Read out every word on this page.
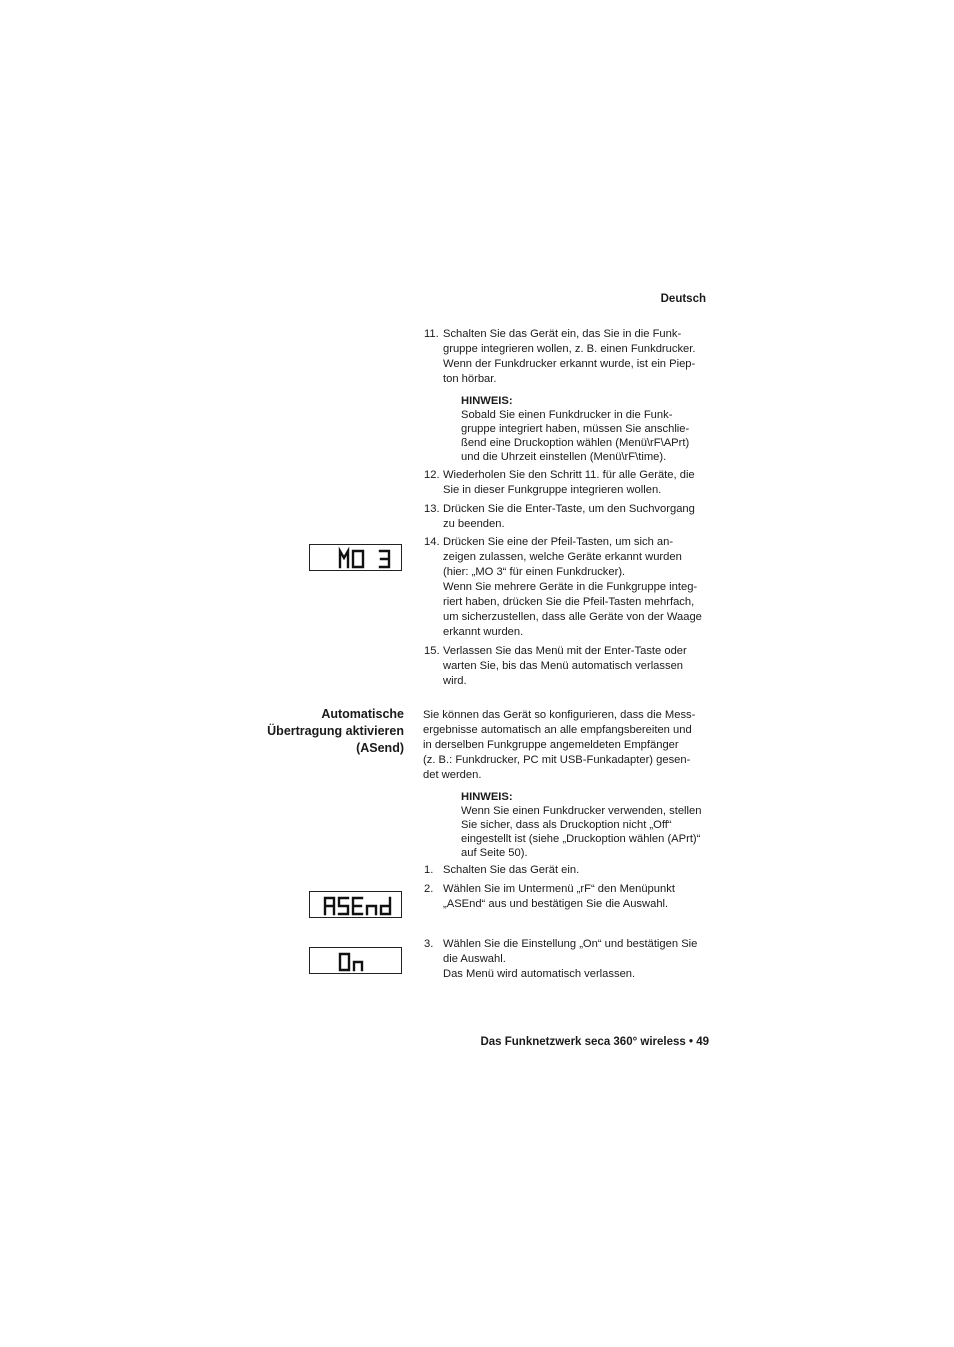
Deutsch

11. Schalten Sie das Gerät ein, das Sie in die Funk-

gruppe integrieren wollen, z. B. einen Funkdrucker.

Wenn der Funkdrucker erkannt wurde, ist ein Piep-

ton hörbar.

HINWEIS:
Sobald Sie einen Funkdrucker in die Funk-
gruppe integriert haben, müssen Sie anschlie-
ßend eine Druckoption wählen (Menü\rF\APrt)
und die Uhrzeit einstellen (Menü\rF\time).

12. Wiederholen Sie den Schritt 11. für alle Geräte, die

Sie in dieser Funkgruppe integrieren wollen.

13. Drücken Sie die Enter-Taste, um den Suchvorgang

zu beenden.

14. Drücken Sie eine der Pfeil-Tasten, um sich an-

zeigen zulassen, welche Geräte erkannt wurden

(hier: „MO 3“ für einen Funkdrucker).

Wenn Sie mehrere Geräte in die Funkgruppe integ-

riert haben, drücken Sie die Pfeil-Tasten mehrfach,

um sicherzustellen, dass alle Geräte von der Waage

erkannt wurden.

15. Verlassen Sie das Menü mit der Enter-Taste oder

warten Sie, bis das Menü automatisch verlassen

wird.

Automatische
Übertragung aktivieren
(ASend)

Sie können das Gerät so konfigurieren, dass die Mess-

ergebnisse automatisch an alle empfangsbereiten und

in derselben Funkgruppe angemeldeten Empfänger

(z. B.: Funkdrucker, PC mit USB-Funkadapter) gesen-

det werden.

HINWEIS:
Wenn Sie einen Funkdrucker verwenden, stellen
Sie sicher, dass als Druckoption nicht „Off“
eingestellt ist (siehe „Druckoption wählen (APrt)“
auf Seite 50).

1. Schalten Sie das Gerät ein.

2. Wählen Sie im Untermenü „rF“ den Menüpunkt

„ASEnd“ aus und bestätigen Sie die Auswahl.

3. Wählen Sie die Einstellung „On“ und bestätigen Sie

die Auswahl.

Das Menü wird automatisch verlassen.

Das Funknetzwerk seca 360° wireless • 49
